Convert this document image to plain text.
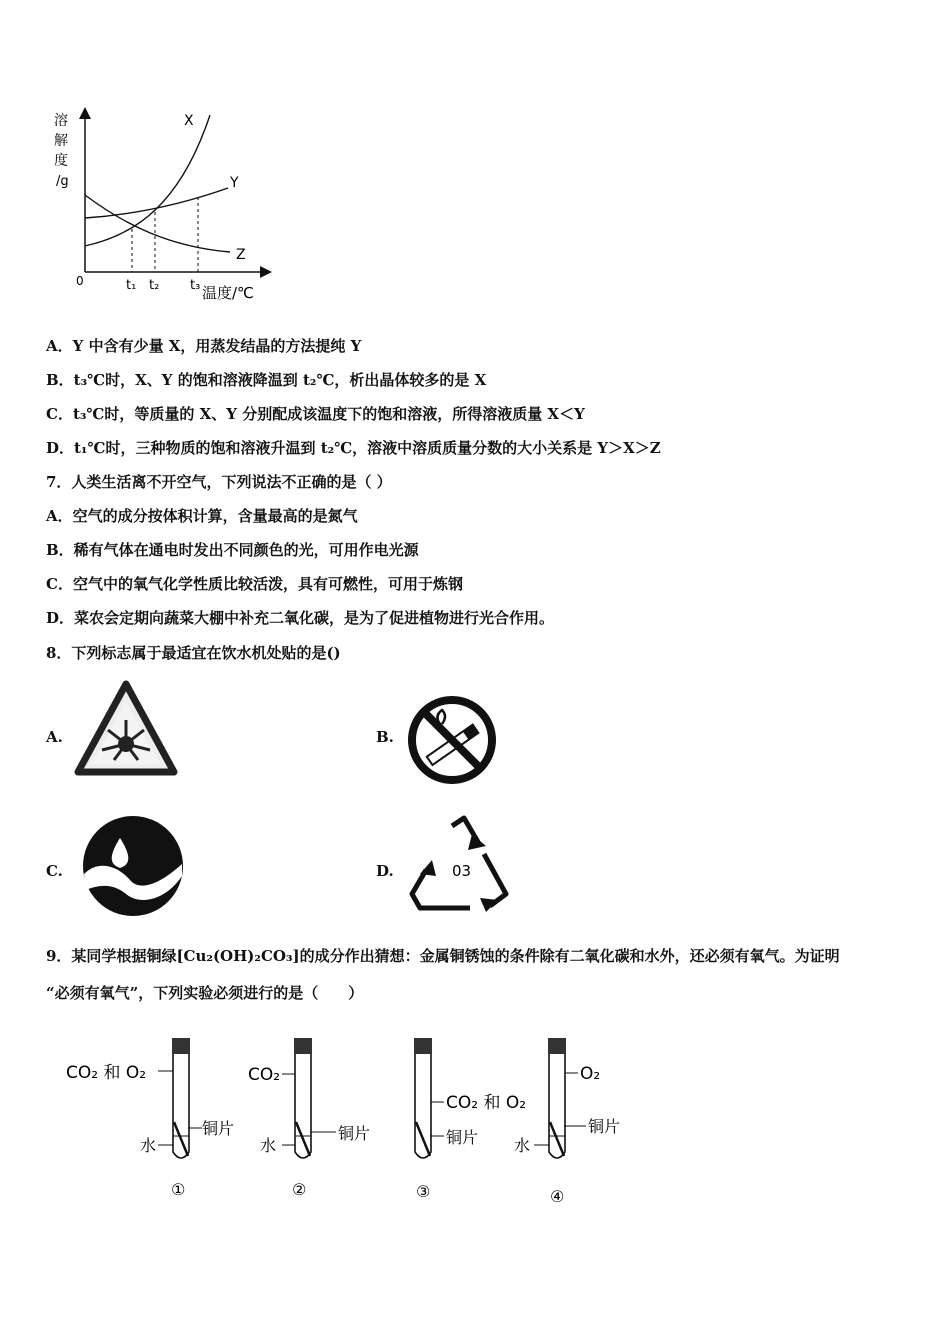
溶
解
度
/g
0
X
Y
Z
t₁ t₂ t₃ 温度/℃
A．Y 中含有少量 X，用蒸发结晶的方法提纯 Y
B．t₃℃时，X、Y 的饱和溶液降温到 t₂℃，析出晶体较多的是 X
C．t₃℃时，等质量的 X、Y 分别配成该温度下的饱和溶液，所得溶液质量 X＜Y
D．t₁℃时，三种物质的饱和溶液升温到 t₂℃，溶液中溶质质量分数的大小关系是 Y＞X＞Z
7．人类生活离不开空气，下列说法不正确的是（ ）
A．空气的成分按体积计算，含量最高的是氮气
B．稀有气体在通电时发出不同颜色的光，可用作电光源
C．空气中的氧气化学性质比较活泼，具有可燃性，可用于炼钢
D．菜农会定期向蔬菜大棚中补充二氧化碳，是为了促进植物进行光合作用。
8．下列标志属于最适宜在饮水机处贴的是()
A.	B.
C.	D.	03
9．某同学根据铜绿[Cu₂(OH)₂CO₃]的成分作出猜想：金属铜锈蚀的条件除有二氧化碳和水外，还必须有氧气。为证明
“必须有氧气”，下列实验必须进行的是（　　）
CO₂ 和 O₂
铜片
水
①
CO₂
铜片
水
②
CO₂ 和 O₂
铜片
③
O₂
铜片
水
④
